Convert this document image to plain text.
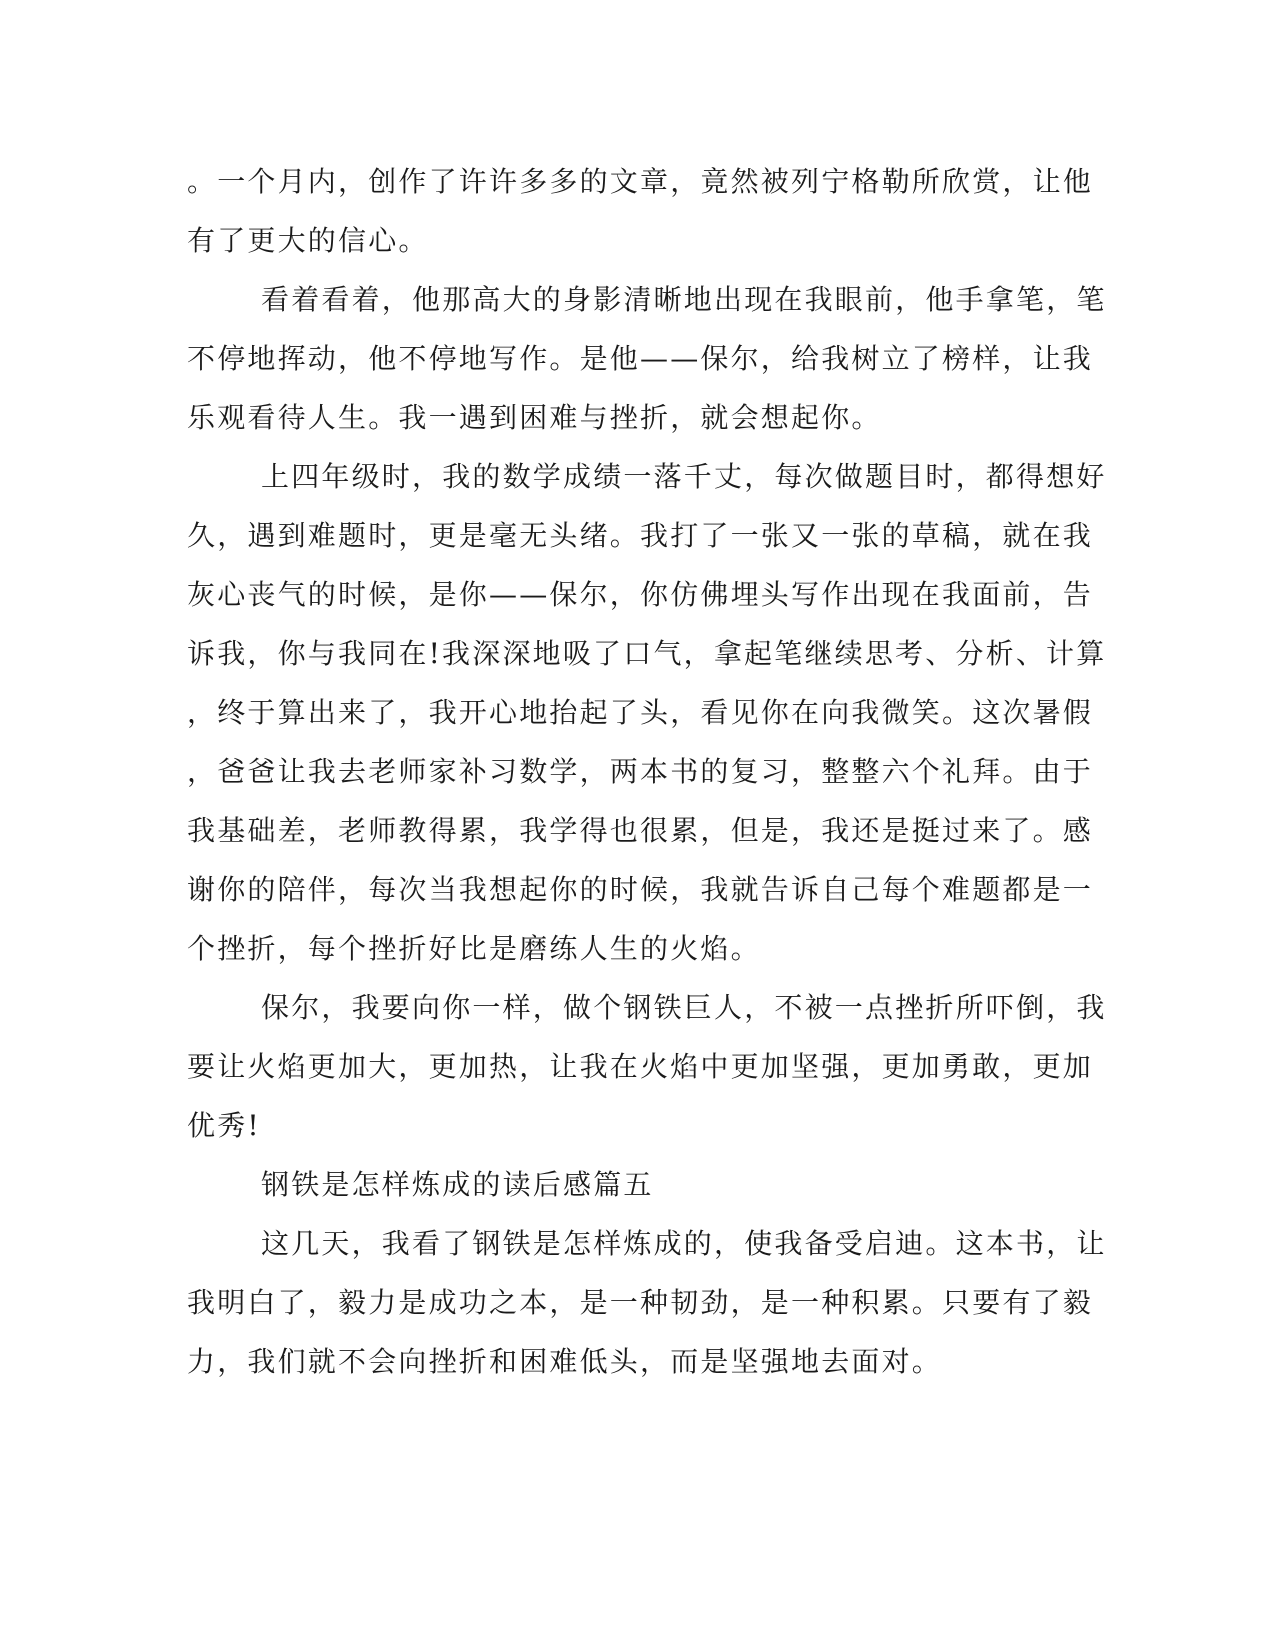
。一个月内，创作了许许多多的文章，竟然被列宁格勒所欣赏，让他
有了更大的信心。
看着看着，他那高大的身影清晰地出现在我眼前，他手拿笔，笔
不停地挥动，他不停地写作。是他——保尔，给我树立了榜样，让我
乐观看待人生。我一遇到困难与挫折，就会想起你。
上四年级时，我的数学成绩一落千丈，每次做题目时，都得想好
久，遇到难题时，更是毫无头绪。我打了一张又一张的草稿，就在我
灰心丧气的时候，是你——保尔，你仿佛埋头写作出现在我面前，告
诉我，你与我同在!我深深地吸了口气，拿起笔继续思考、分析、计算
，终于算出来了，我开心地抬起了头，看见你在向我微笑。这次暑假
，爸爸让我去老师家补习数学，两本书的复习，整整六个礼拜。由于
我基础差，老师教得累，我学得也很累，但是，我还是挺过来了。感
谢你的陪伴，每次当我想起你的时候，我就告诉自己每个难题都是一
个挫折，每个挫折好比是磨练人生的火焰。
保尔，我要向你一样，做个钢铁巨人，不被一点挫折所吓倒，我
要让火焰更加大，更加热，让我在火焰中更加坚强，更加勇敢，更加
优秀!
钢铁是怎样炼成的读后感篇五
这几天，我看了钢铁是怎样炼成的，使我备受启迪。这本书，让
我明白了，毅力是成功之本，是一种韧劲，是一种积累。只要有了毅
力，我们就不会向挫折和困难低头，而是坚强地去面对。
